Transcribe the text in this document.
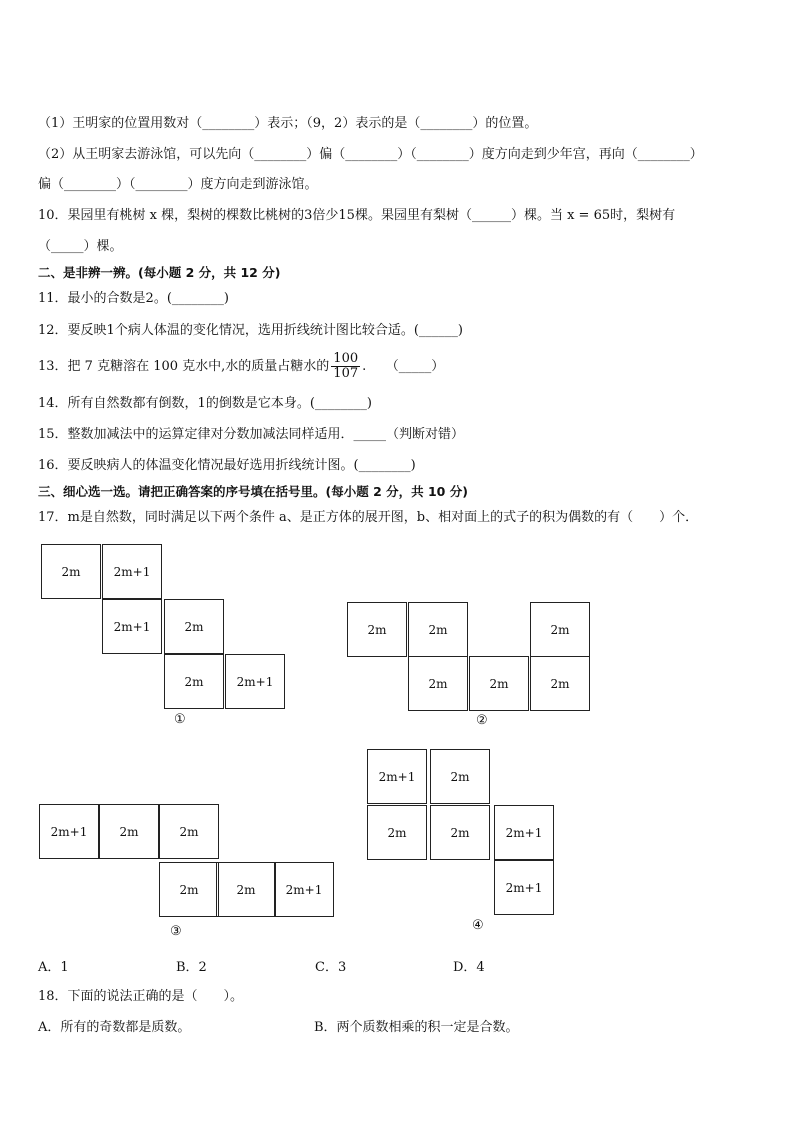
（1）王明家的位置用数对（________）表示；（9，2）表示的是（________）的位置。
（2）从王明家去游泳馆，可以先向（________）偏（________）（________）度方向走到少年宫，再向（________）
偏（________）（________）度方向走到游泳馆。
10．果园里有桃树 x 棵，梨树的棵数比桃树的3倍少15棵。果园里有梨树（______）棵。当 x = 65时，梨树有
（_____）棵。
二、是非辨一辨。(每小题 2 分，共 12 分)
11．最小的合数是2。(________)
12．要反映1个病人体温的变化情况，选用折线统计图比较合适。(______)
13．把 7 克糖溶在 100 克水中,水的质量占糖水的 $\frac{100}{107}$ .　　（_____）
14．所有自然数都有倒数，1的倒数是它本身。(________)
15．整数加减法中的运算定律对分数加减法同样适用．_____（判断对错）
16．要反映病人的体温变化情况最好选用折线统计图。(________)
三、细心选一选。请把正确答案的序号填在括号里。(每小题 2 分，共 10 分)
17．m是自然数，同时满足以下两个条件 a、是正方体的展开图，b、相对面上的式子的积为偶数的有（　　）个．
2m	2m+1
2m+1	2m
2m	2m+1
①
2m	2m	2m
2m	2m	2m
②
2m+1	2m	2m
2m	2m	2m+1
③
2m+1	2m
2m	2m	2m+1
2m+1
④
A．1	B．2	C．3	D．4
18．下面的说法正确的是（　　）。
A．所有的奇数都是质数。	B．两个质数相乘的积一定是合数。
